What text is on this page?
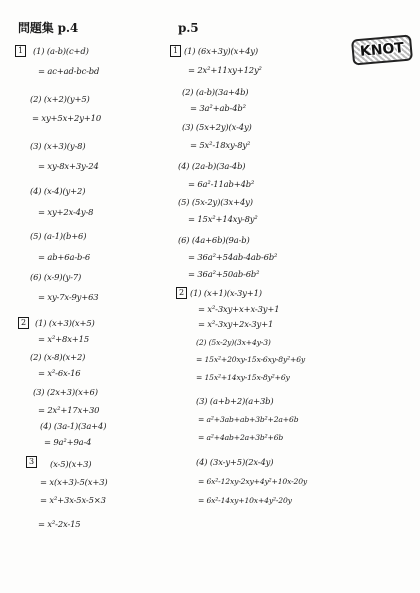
KNOT
問題集 p.4
1	(1) (a-b)(c+d)
= ac+ad-bc-bd
(2) (x+2)(y+5)
= xy+5x+2y+10
(3) (x+3)(y-8)
= xy-8x+3y-24
(4) (x-4)(y+2)
= xy+2x-4y-8
(5) (a-1)(b+6)
= ab+6a-b-6
(6) (x-9)(y-7)
= xy-7x-9y+63
2	(1) (x+3)(x+5)
= x²+8x+15
(2) (x-8)(x+2)
= x²-6x-16
(3) (2x+3)(x+6)
= 2x²+17x+30
(4) (3a-1)(3a+4)
= 9a²+9a-4
3	(x-5)(x+3)
= x(x+3)-5(x+3)
= x²+3x-5x-5×3
= x²-2x-15
p.5
1 (1) (6x+3y)(x+4y)
= 2x²+11xy+12y²
(2) (a-b)(3a+4b)
= 3a²+ab-4b²
(3) (5x+2y)(x-4y)
= 5x²-18xy-8y²
(4) (2a-b)(3a-4b)
= 6a²-11ab+4b²
(5) (5x-2y)(3x+4y)
= 15x²+14xy-8y²
(6) (4a+6b)(9a-b)
= 36a²+54ab-4ab-6b²
= 36a²+50ab-6b²
2 (1) (x+1)(x-3y+1)
= x²-3xy+x+x-3y+1
= x²-3xy+2x-3y+1
(2) (5x-2y)(3x+4y-3)
= 15x²+20xy-15x-6xy-8y²+6y
= 15x²+14xy-15x-8y²+6y
(3) (a+b+2)(a+3b)
= a²+3ab+ab+3b²+2a+6b
= a²+4ab+2a+3b²+6b
(4) (3x-y+5)(2x-4y)
= 6x²-12xy-2xy+4y²+10x-20y
= 6x²-14xy+10x+4y²-20y
